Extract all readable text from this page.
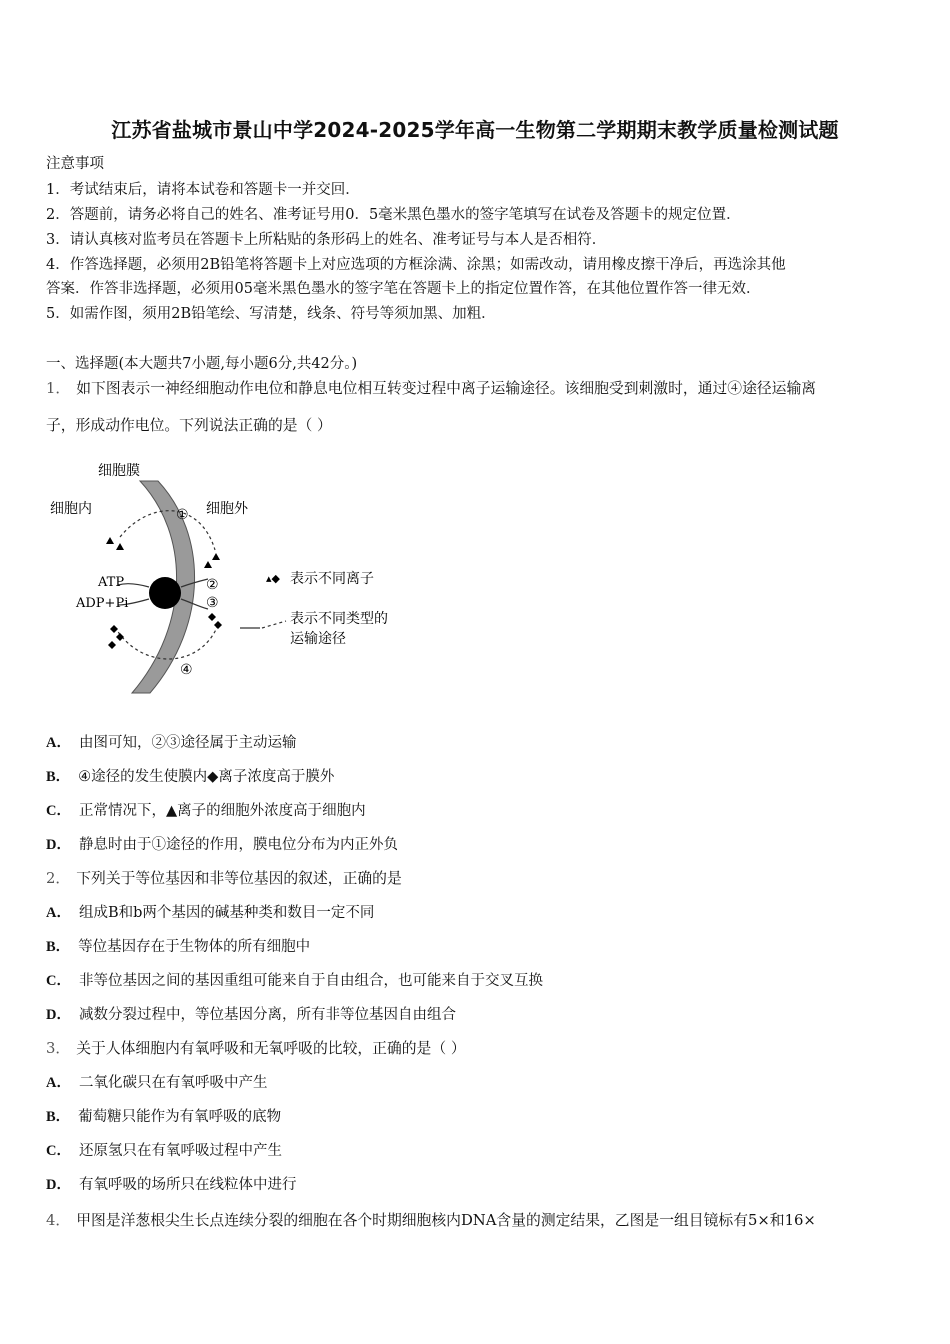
江苏省盐城市景山中学2024-2025学年高一生物第二学期期末教学质量检测试题
注意事项
1．考试结束后，请将本试卷和答题卡一并交回．
2．答题前，请务必将自己的姓名、准考证号用0．5毫米黑色墨水的签字笔填写在试卷及答题卡的规定位置．
3．请认真核对监考员在答题卡上所粘贴的条形码上的姓名、准考证号与本人是否相符．
4．作答选择题，必须用2B铅笔将答题卡上对应选项的方框涂满、涂黑；如需改动，请用橡皮擦干净后，再选涂其他
答案．作答非选择题，必须用05毫米黑色墨水的签字笔在答题卡上的指定位置作答，在其他位置作答一律无效．
5．如需作图，须用2B铅笔绘、写清楚，线条、符号等须加黑、加粗．
一、选择题(本大题共7小题,每小题6分,共42分。)
1． 如下图表示一神经细胞动作电位和静息电位相互转变过程中离子运输途径。该细胞受到刺激时，通过④途径运输离
子，形成动作电位。下列说法正确的是（ ）
细胞膜
细胞内	细胞外
①
④
ATP
ADP+Pi
②
③
▴◆ 表示不同离子
表示不同类型的
运输途径
A． 由图可知，②③途径属于主动运输
B． ④途径的发生使膜内◆离子浓度高于膜外
C． 正常情况下，▲离子的细胞外浓度高于细胞内
D． 静息时由于①途径的作用，膜电位分布为内正外负
2． 下列关于等位基因和非等位基因的叙述，正确的是
A． 组成B和b两个基因的碱基种类和数目一定不同
B． 等位基因存在于生物体的所有细胞中
C． 非等位基因之间的基因重组可能来自于自由组合，也可能来自于交叉互换
D． 减数分裂过程中，等位基因分离，所有非等位基因自由组合
3． 关于人体细胞内有氧呼吸和无氧呼吸的比较，正确的是（ ）
A． 二氧化碳只在有氧呼吸中产生
B． 葡萄糖只能作为有氧呼吸的底物
C． 还原氢只在有氧呼吸过程中产生
D． 有氧呼吸的场所只在线粒体中进行
4． 甲图是洋葱根尖生长点连续分裂的细胞在各个时期细胞核内DNA含量的测定结果，乙图是一组目镜标有5×和16×
